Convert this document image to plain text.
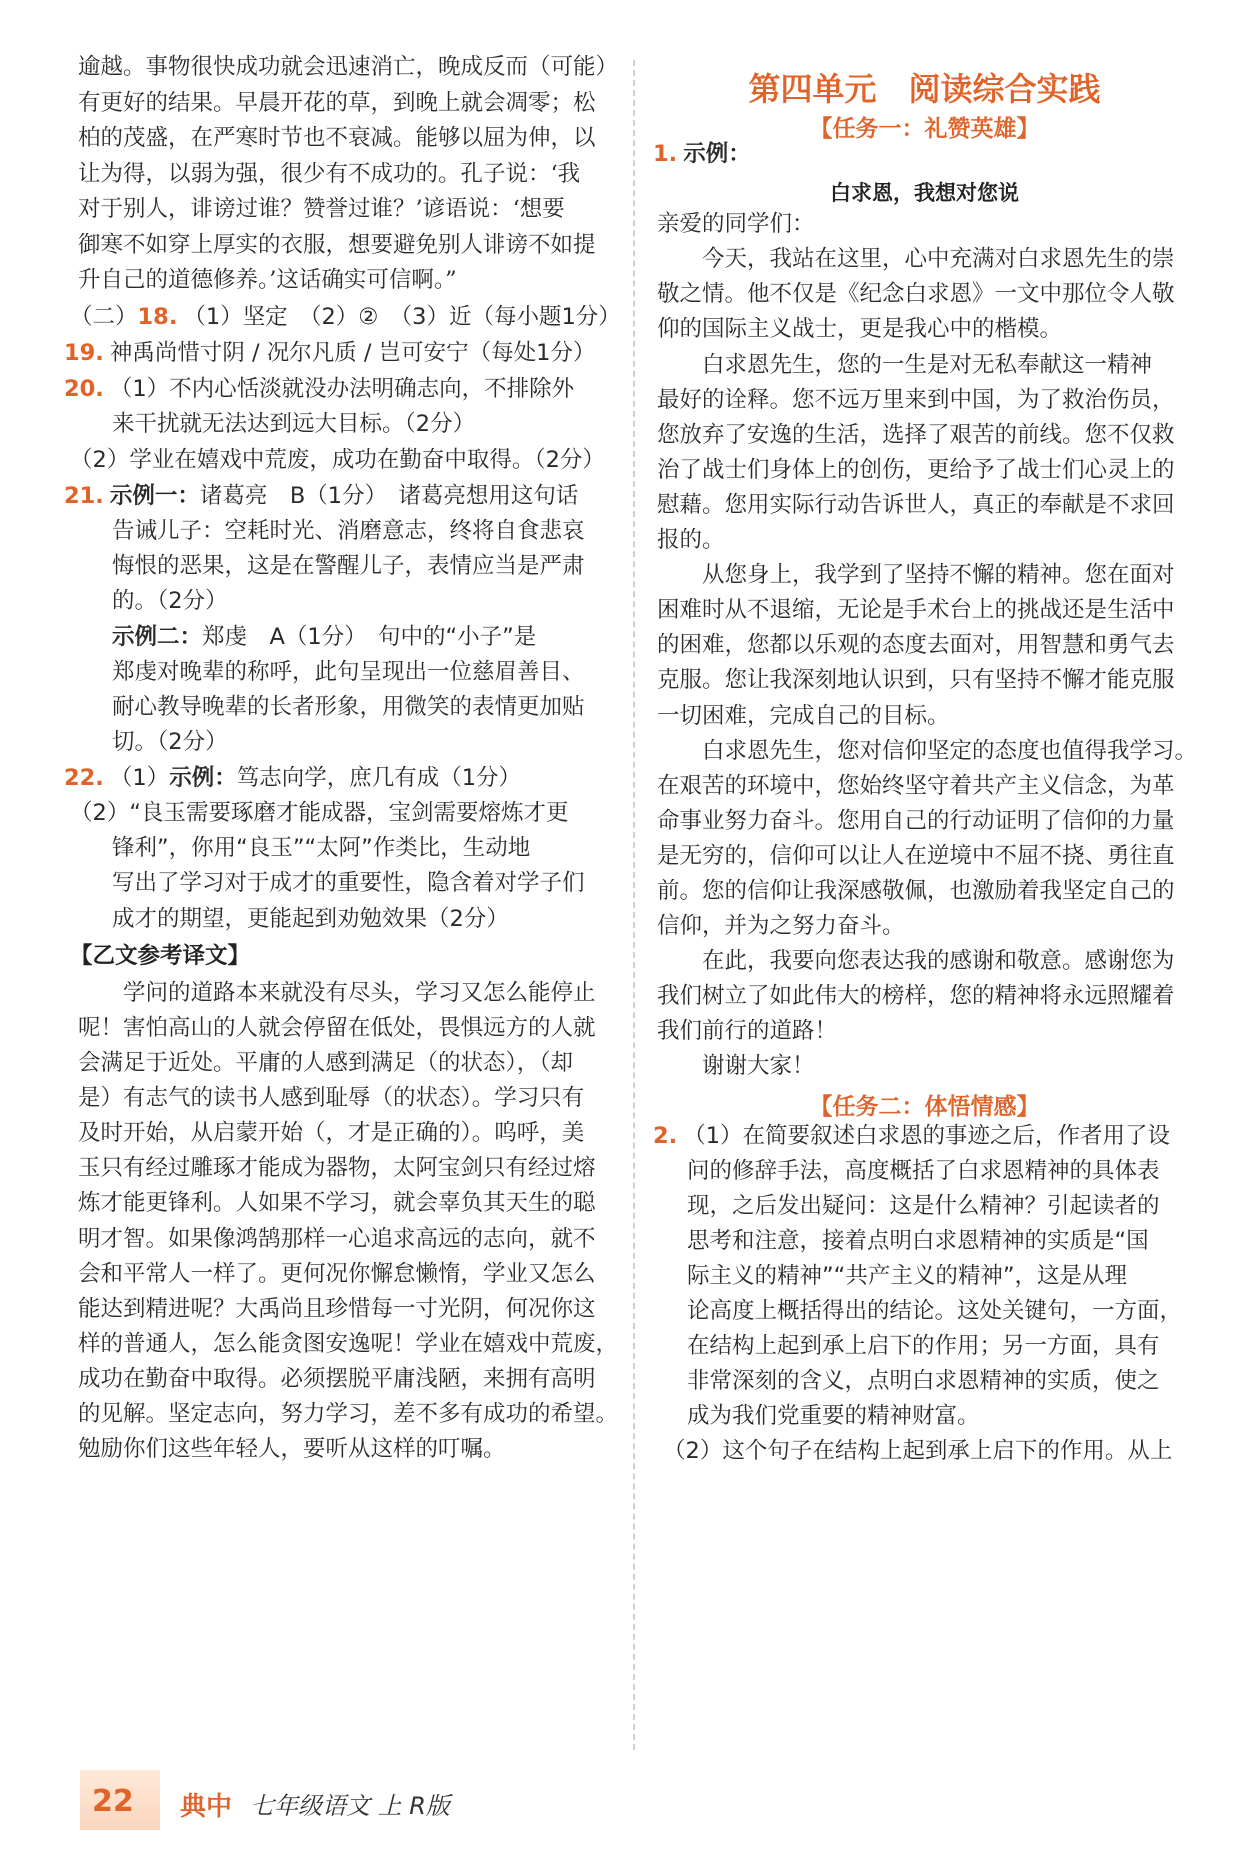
逾越。事物很快成功就会迅速消亡，晚成反而（可能）
有更好的结果。早晨开花的草，到晚上就会凋零；松
柏的茂盛，在严寒时节也不衰减。能够以屈为伸，以
让为得，以弱为强，很少有不成功的。孔子说：‘我
对于别人，诽谤过谁？赞誉过谁？’谚语说：‘想要
御寒不如穿上厚实的衣服，想要避免别人诽谤不如提
升自己的道德修养。’这话确实可信啊。”
（二）18. （1）坚定　（2）②　（3）近（每小题1分）
19. 神禹尚惜寸阴 / 况尔凡质 / 岂可安宁（每处1分）
20. （1）不内心恬淡就没办法明确志向，不排除外
来干扰就无法达到远大目标。（2分）
（2）学业在嬉戏中荒废，成功在勤奋中取得。（2分）
21. 示例一：诸葛亮　B（1分）　诸葛亮想用这句话
告诫儿子：空耗时光、消磨意志，终将自食悲哀
悔恨的恶果，这是在警醒儿子，表情应当是严肃
的。（2分）
示例二：郑虔　A（1分）　句中的“小子”是
郑虔对晚辈的称呼，此句呈现出一位慈眉善目、
耐心教导晚辈的长者形象，用微笑的表情更加贴
切。（2分）
22. （1）示例：笃志向学，庶几有成（1分）
（2）“良玉需要琢磨才能成器，宝剑需要熔炼才更
锋利”，你用“良玉”“太阿”作类比，生动地
写出了学习对于成才的重要性，隐含着对学子们
成才的期望，更能起到劝勉效果（2分）
【乙文参考译文】
学问的道路本来就没有尽头，学习又怎么能停止
呢！害怕高山的人就会停留在低处，畏惧远方的人就
会满足于近处。平庸的人感到满足（的状态），（却
是）有志气的读书人感到耻辱（的状态）。学习只有
及时开始，从启蒙开始（，才是正确的）。呜呼，美
玉只有经过雕琢才能成为器物，太阿宝剑只有经过熔
炼才能更锋利。人如果不学习，就会辜负其天生的聪
明才智。如果像鸿鹄那样一心追求高远的志向，就不
会和平常人一样了。更何况你懈怠懒惰，学业又怎么
能达到精进呢？大禹尚且珍惜每一寸光阴，何况你这
样的普通人，怎么能贪图安逸呢！学业在嬉戏中荒废，
成功在勤奋中取得。必须摆脱平庸浅陋，来拥有高明
的见解。坚定志向，努力学习，差不多有成功的希望。
勉励你们这些年轻人，要听从这样的叮嘱。
第四单元　阅读综合实践
【任务一：礼赞英雄】
1. 示例：
白求恩，我想对您说
亲爱的同学们：
今天，我站在这里，心中充满对白求恩先生的崇
敬之情。他不仅是《纪念白求恩》一文中那位令人敬
仰的国际主义战士，更是我心中的楷模。
白求恩先生，您的一生是对无私奉献这一精神
最好的诠释。您不远万里来到中国，为了救治伤员，
您放弃了安逸的生活，选择了艰苦的前线。您不仅救
治了战士们身体上的创伤，更给予了战士们心灵上的
慰藉。您用实际行动告诉世人，真正的奉献是不求回
报的。
从您身上，我学到了坚持不懈的精神。您在面对
困难时从不退缩，无论是手术台上的挑战还是生活中
的困难，您都以乐观的态度去面对，用智慧和勇气去
克服。您让我深刻地认识到，只有坚持不懈才能克服
一切困难，完成自己的目标。
白求恩先生，您对信仰坚定的态度也值得我学习。
在艰苦的环境中，您始终坚守着共产主义信念，为革
命事业努力奋斗。您用自己的行动证明了信仰的力量
是无穷的，信仰可以让人在逆境中不屈不挠、勇往直
前。您的信仰让我深感敬佩，也激励着我坚定自己的
信仰，并为之努力奋斗。
在此，我要向您表达我的感谢和敬意。感谢您为
我们树立了如此伟大的榜样，您的精神将永远照耀着
我们前行的道路！
谢谢大家！
【任务二：体悟情感】
2. （1）在简要叙述白求恩的事迹之后，作者用了设
问的修辞手法，高度概括了白求恩精神的具体表
现，之后发出疑问：这是什么精神？引起读者的
思考和注意，接着点明白求恩精神的实质是“国
际主义的精神”“共产主义的精神”，这是从理
论高度上概括得出的结论。这处关键句，一方面，
在结构上起到承上启下的作用；另一方面，具有
非常深刻的含义，点明白求恩精神的实质，使之
成为我们党重要的精神财富。
（2）这个句子在结构上起到承上启下的作用。从上
22 典中 七年级语文 上 R版
